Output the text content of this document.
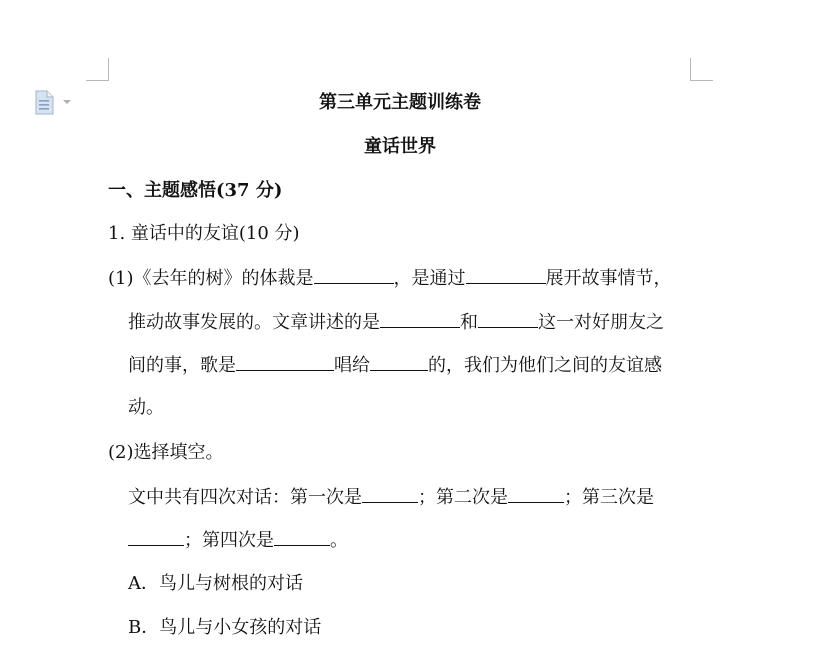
第三单元主题训练卷
童话世界
一、主题感悟(37 分)
1. 童话中的友谊(10 分)
(1)《去年的树》的体裁是	，是通过	展开故事情节，
推动故事发展的。文章讲述的是	和	这一对好朋友之
间的事，歌是	唱给	的，我们为他们之间的友谊感
动。
(2)选择填空。
文中共有四次对话：第一次是	；第二次是	；第三次是
；第四次是	。
A．鸟儿与树根的对话
B．鸟儿与小女孩的对话
